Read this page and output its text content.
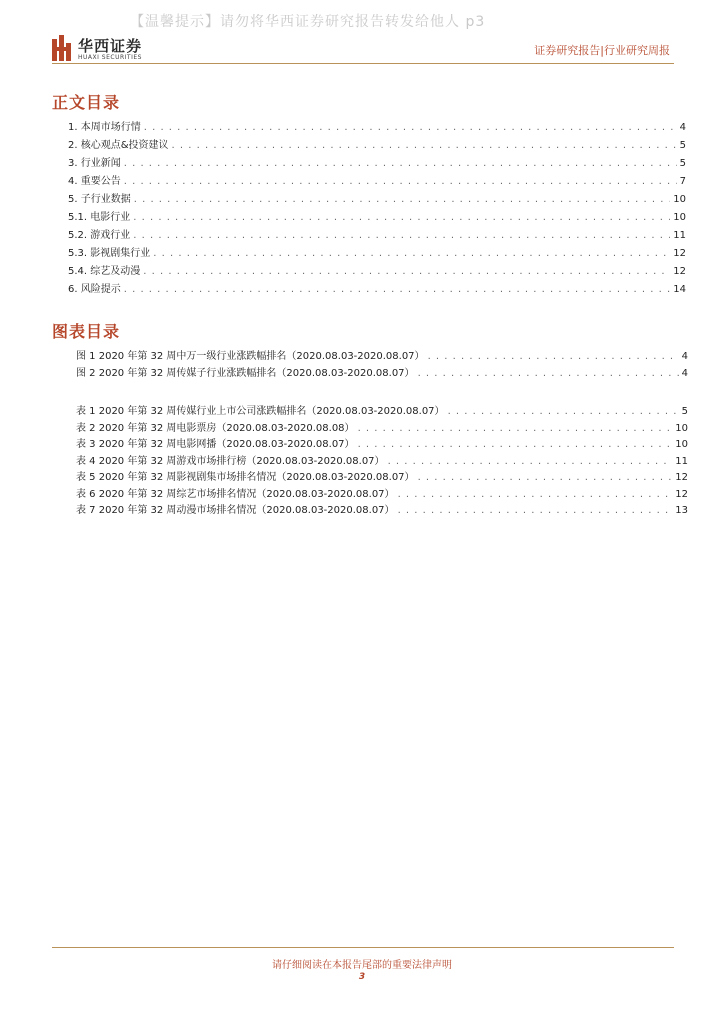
【温馨提示】请勿将华西证券研究报告转发给他人 p3
华西证券
HUAXI SECURITIES
证券研究报告|行业研究周报
正文目录
1. 本周市场行情 . . .	4
2. 核心观点&投资建议 . . .	5
3. 行业新闻 . . .	5
4. 重要公告 . . .	7
5. 子行业数据 . . .	10
5.1. 电影行业 . . .	10
5.2. 游戏行业 . . .	11
5.3. 影视剧集行业 . . .	12
5.4. 综艺及动漫 . . .	12
6. 风险提示 . . .	14
图表目录
图 1 2020 年第 32 周中万一级行业涨跌幅排名（2020.08.03-2020.08.07） . . .	4
图 2 2020 年第 32 周传媒子行业涨跌幅排名（2020.08.03-2020.08.07） . . .	4
表 1 2020 年第 32 周传媒行业上市公司涨跌幅排名（2020.08.03-2020.08.07） . . .	5
表 2 2020 年第 32 周电影票房（2020.08.03-2020.08.08） . . .	10
表 3 2020 年第 32 周电影网播（2020.08.03-2020.08.07） . . .	10
表 4 2020 年第 32 周游戏市场排行榜（2020.08.03-2020.08.07） . . .	11
表 5 2020 年第 32 周影视剧集市场排名情况（2020.08.03-2020.08.07） . . .	12
表 6 2020 年第 32 周综艺市场排名情况（2020.08.03-2020.08.07） . . .	12
表 7 2020 年第 32 周动漫市场排名情况（2020.08.03-2020.08.07） . . .	13
请仔细阅读在本报告尾部的重要法律声明
3
